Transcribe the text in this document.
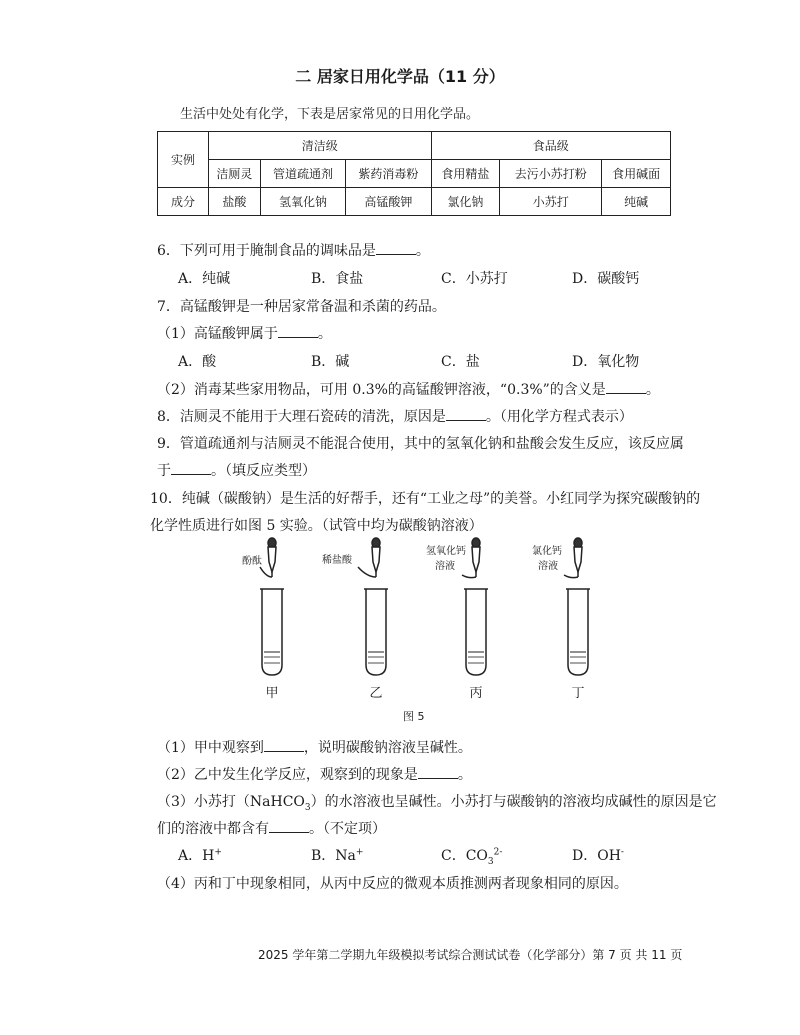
二 居家日用化学品（11 分）
生活中处处有化学，下表是居家常见的日用化学品。
实例	清洁级			食品级		
	洁厕灵	管道疏通剂	紫药消毒粉	食用精盐	去污小苏打粉	食用碱面
成分	盐酸	氢氧化钠	高锰酸钾	氯化钠	小苏打	纯碱
6．下列可用于腌制食品的调味品是	。
A．纯碱	B．食盐	C．小苏打	D．碳酸钙
7．高锰酸钾是一种居家常备温和杀菌的药品。
（1）高锰酸钾属于	。
A．酸	B．碱	C．盐	D．氧化物
（2）消毒某些家用物品，可用 0.3%的高锰酸钾溶液，“0.3%”的含义是	。
8．洁厕灵不能用于大理石瓷砖的清洗，原因是	。（用化学方程式表示）
9．管道疏通剂与洁厕灵不能混合使用，其中的氢氧化钠和盐酸会发生反应，该反应属
于	。（填反应类型）
10．纯碱（碳酸钠）是生活的好帮手，还有“工业之母”的美誉。小红同学为探究碳酸钠的
化学性质进行如图 5 实验。（试管中均为碳酸钠溶液）
酚酞	稀盐酸
氢氧化钙
溶液
氯化钙
溶液
甲	乙	丙	丁
图 5
（1）甲中观察到	，说明碳酸钠溶液呈碱性。
（2）乙中发生化学反应，观察到的现象是	。
（3）小苏打（NaHCO$_3$）的水溶液也呈碱性。小苏打与碳酸钠的溶液均成碱性的原因是它
们的溶液中都含有	。（不定项）
A．H+	B．Na+	C．$CO_3^{2-}$	D．OH-
（4）丙和丁中现象相同，从丙中反应的微观本质推测两者现象相同的原因。
2025 学年第二学期九年级模拟考试综合测试试卷（化学部分）第 7 页 共 11 页
